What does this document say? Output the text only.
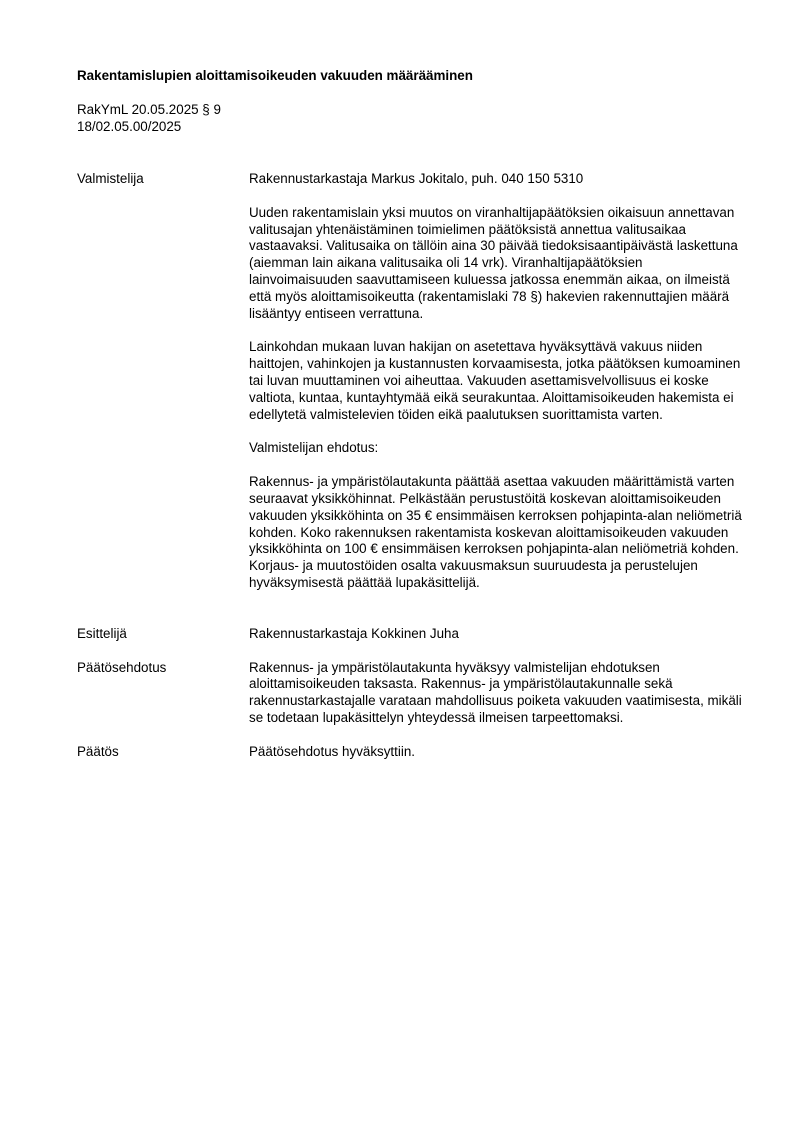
Rakentamislupien aloittamisoikeuden vakuuden määrääminen
RakYmL 20.05.2025 § 9
18/02.05.00/2025
Valmistelija	Rakennustarkastaja Markus Jokitalo, puh. 040 150 5310

Uuden rakentamislain yksi muutos on viranhaltijapäätöksien oikaisuun annettavan valitusajan yhtenäistäminen toimielimen päätöksistä annettua valitusaikaa vastaavaksi. Valitusaika on tällöin aina 30 päivää tiedoksisaantipäivästä laskettuna (aiemman lain aikana valitusaika oli 14 vrk). Viranhaltijapäätöksien lainvoimaisuuden saavuttamiseen kuluessa jatkossa enemmän aikaa, on ilmeistä että myös aloittamisoikeutta (rakentamislaki 78 §) hakevien rakennuttajien määrä lisääntyy entiseen verrattuna.

Lainkohdan mukaan luvan hakijan on asetettava hyväksyttävä vakuus niiden haittojen, vahinkojen ja kustannusten korvaamisesta, jotka päätöksen kumoaminen tai luvan muuttaminen voi aiheuttaa. Vakuuden asettamisvelvollisuus ei koske valtiota, kuntaa, kuntayhtymää eikä seurakuntaa. Aloittamisoikeuden hakemista ei edellytetä valmistelevien töiden eikä paalutuksen suorittamista varten.

Valmistelijan ehdotus:

Rakennus- ja ympäristölautakunta päättää asettaa vakuuden määrittämistä varten seuraavat yksikköhinnat. Pelkästään perustustöitä koskevan aloittamisoikeuden vakuuden yksikköhinta on 35 € ensimmäisen kerroksen pohjapinta-alan neliömetriä kohden. Koko rakennuksen rakentamista koskevan aloittamisoikeuden vakuuden yksikköhinta on 100 € ensimmäisen kerroksen pohjapinta-alan neliömetriä kohden. Korjaus- ja muutostöiden osalta vakuusmaksun suuruudesta ja perustelujen hyväksymisestä päättää lupakäsittelijä.

Esittelijä	Rakennustarkastaja Kokkinen Juha
Päätösehdotus	Rakennus- ja ympäristölautakunta hyväksyy valmistelijan ehdotuksen aloittamisoikeuden taksasta. Rakennus- ja ympäristölautakunnalle sekä rakennustarkastajalle varataan mahdollisuus poiketa vakuuden vaatimisesta, mikäli se todetaan lupakäsittelyn yhteydessä ilmeisen tarpeettomaksi.
Päätös	Päätösehdotus hyväksyttiin.
